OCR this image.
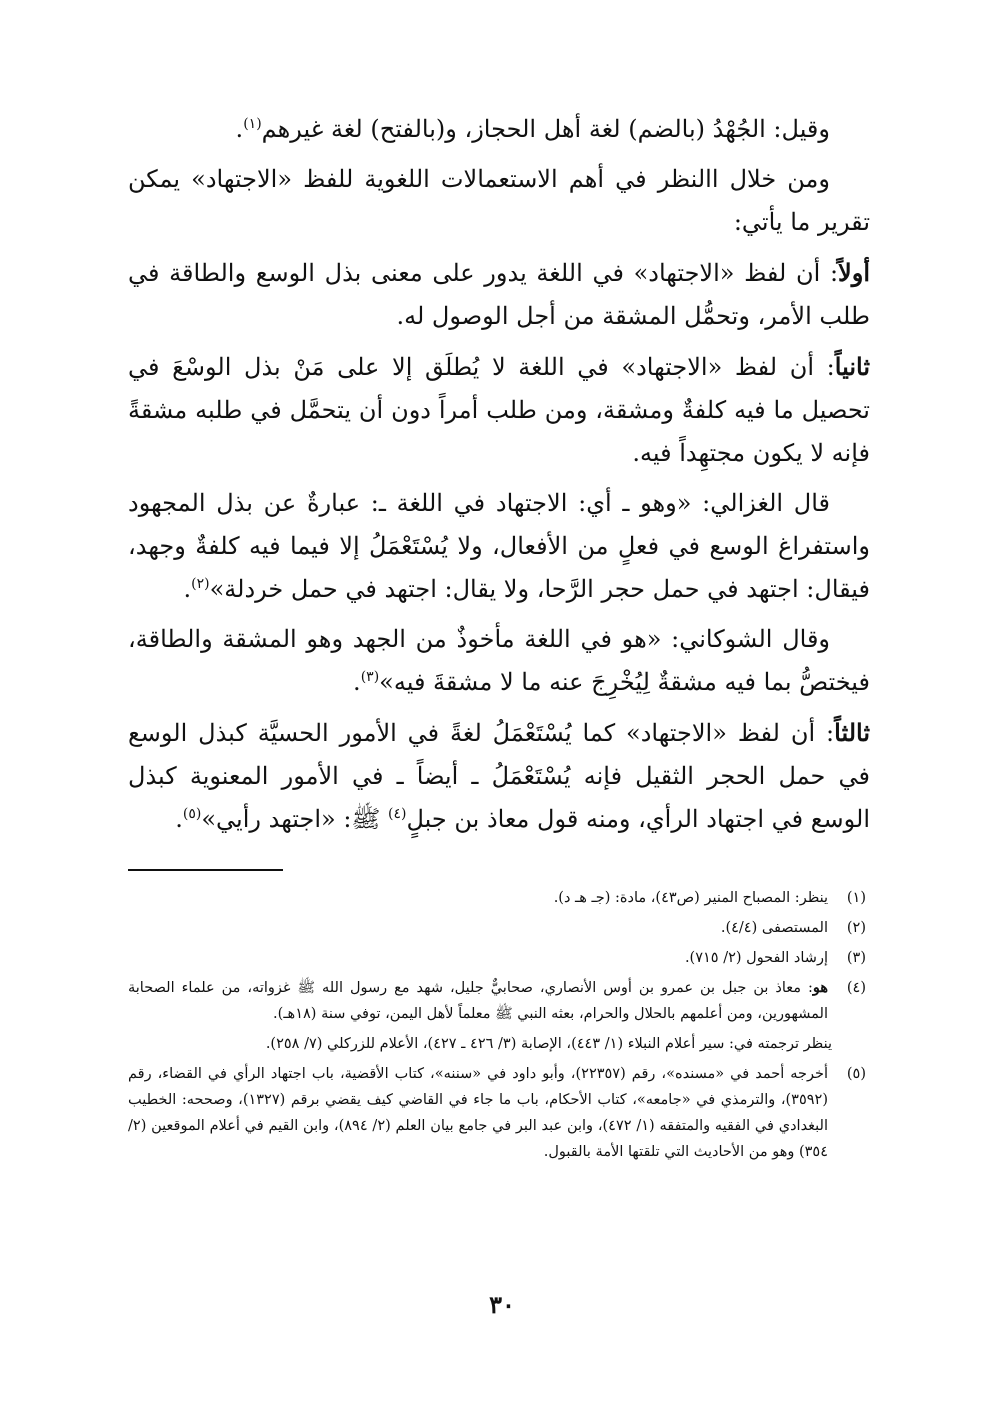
وقيل: الجُهْدُ (بالضم) لغة أهل الحجاز، و(بالفتح) لغة غيرهم$^{(١)}$.

ومن خلال االنظر في أهم الاستعمالات اللغوية للفظ «الاجتهاد» يمكن تقرير ما يأتي:

أولاً: أن لفظ «الاجتهاد» في اللغة يدور على معنى بذل الوسع والطاقة في طلب الأمر، وتحمُّل المشقة من أجل الوصول له.

ثانياً: أن لفظ «الاجتهاد» في اللغة لا يُطلَق إلا على مَنْ بذل الوسْعَ في تحصيل ما فيه كلفةٌ ومشقة، ومن طلب أمراً دون أن يتحمَّل في طلبه مشقةً فإنه لا يكون مجتهِداً فيه.

قال الغزالي: «وهو ـ أي: الاجتهاد في اللغة ـ: عبارةٌ عن بذل المجهود واستفراغ الوسع في فعلٍ من الأفعال، ولا يُسْتَعْمَلُ إلا فيما فيه كلفةٌ وجهد، فيقال: اجتهد في حمل حجر الرَّحا، ولا يقال: اجتهد في حمل خردلة»$^{(٢)}$.

وقال الشوكاني: «هو في اللغة مأخوذٌ من الجهد وهو المشقة والطاقة، فيختصُّ بما فيه مشقةٌ لِيُخْرِجَ عنه ما لا مشقةَ فيه»$^{(٣)}$.

ثالثاً: أن لفظ «الاجتهاد» كما يُسْتَعْمَلُ لغةً في الأمور الحسيَّة كبذل الوسع في حمل الحجر الثقيل فإنه يُسْتَعْمَلُ ـ أيضاً ـ في الأمور المعنوية كبذل الوسع في اجتهاد الرأي، ومنه قول معاذ بن جبلٍ$^{(٤)}$ ﷺ: «اجتهد رأيي»$^{(٥)}$.

(١)
ينظر: المصباح المنير (ص٤٣)، مادة: (جـ هـ د).
(٢)
المستصفى (٤/٤).
(٣)
إرشاد الفحول (٢/ ٧١٥).
(٤)
هو: معاذ بن جبل بن عمرو بن أوس الأنصاري، صحابيٌّ جليل، شهد مع رسول الله ﷺ غزواته، من علماء الصحابة المشهورين، ومن أعلمهم بالحلال والحرام، بعثه النبي ﷺ معلماً لأهل اليمن، توفي سنة (١٨هـ).
ينظر ترجمته في: سير أعلام النبلاء (١/ ٤٤٣)، الإصابة (٣/ ٤٢٦ ـ ٤٢٧)، الأعلام للزركلي (٧/ ٢٥٨).
(٥)
أخرجه أحمد في «مسنده»، رقم (٢٢٣٥٧)، وأبو داود في «سننه»، كتاب الأقضية، باب اجتهاد الرأي في القضاء، رقم (٣٥٩٢)، والترمذي في «جامعه»، كتاب الأحكام، باب ما جاء في القاضي كيف يقضي برقم (١٣٢٧)، وصححه: الخطيب البغدادي في الفقيه والمتفقه (١/ ٤٧٢)، وابن عبد البر في جامع بيان العلم (٢/ ٨٩٤)، وابن القيم في أعلام الموقعين (٢/ ٣٥٤) وهو من الأحاديث التي تلقتها الأمة بالقبول.
٣٠
